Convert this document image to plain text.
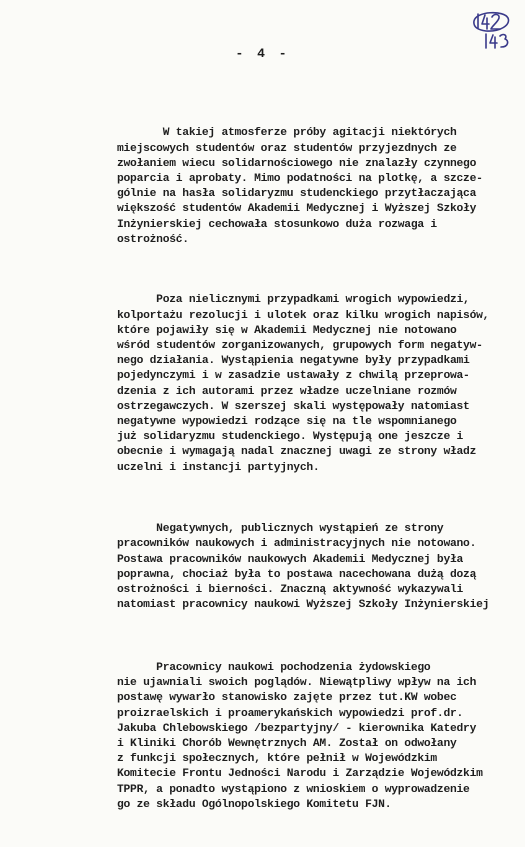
- 4 -

W takiej atmosferze próby agitacji niektórych
miejscowych studentów oraz studentów przyjezdnych ze
zwołaniem wiecu solidarnościowego nie znalazły czynnego
poparcia i aprobaty. Mimo podatności na plotkę, a szcze-
gólnie na hasła solidaryzmu studenckiego przytłaczająca
większość studentów Akademii Medycznej i Wyższej Szkoły
Inżynierskiej cechowała stosunkowo duża rozwaga i
ostrożność.

Poza nielicznymi przypadkami wrogich wypowiedzi,
kolportażu rezolucji i ulotek oraz kilku wrogich napisów,
które pojawiły się w Akademii Medycznej nie notowano
wśród studentów zorganizowanych, grupowych form negatyw-
nego działania. Wystąpienia negatywne były przypadkami
pojedynczymi i w zasadzie ustawały z chwilą przeprowa-
dzenia z ich autorami przez władze uczelniane rozmów
ostrzegawczych. W szerszej skali występowały natomiast
negatywne wypowiedzi rodzące się na tle wspomnianego
już solidaryzmu studenckiego. Występują one jeszcze i
obecnie i wymagają nadal znacznej uwagi ze strony władz
uczelni i instancji partyjnych.

Negatywnych, publicznych wystąpień ze strony
pracowników naukowych i administracyjnych nie notowano.
Postawa pracowników naukowych Akademii Medycznej była
poprawna, chociaż była to postawa nacechowana dużą dozą
ostrożności i bierności. Znaczną aktywność wykazywali
natomiast pracownicy naukowi Wyższej Szkoły Inżynierskiej

Pracownicy naukowi pochodzenia żydowskiego
nie ujawniali swoich poglądów. Niewątpliwy wpływ na ich
postawę wywarło stanowisko zajęte przez tut.KW wobec
proizraelskich i proamerykańskich wypowiedzi prof.dr.
Jakuba Chlebowskiego /bezpartyjny/ - kierownika Katedry
i Kliniki Chorób Wewnętrznych AM. Został on odwołany
z funkcji społecznych, które pełnił w Wojewódzkim
Komitecie Frontu Jedności Narodu i Zarządzie Wojewódzkim
TPPR, a ponadto wystąpiono z wnioskiem o wyprowadzenie
go ze składu Ogólnopolskiego Komitetu FJN.
